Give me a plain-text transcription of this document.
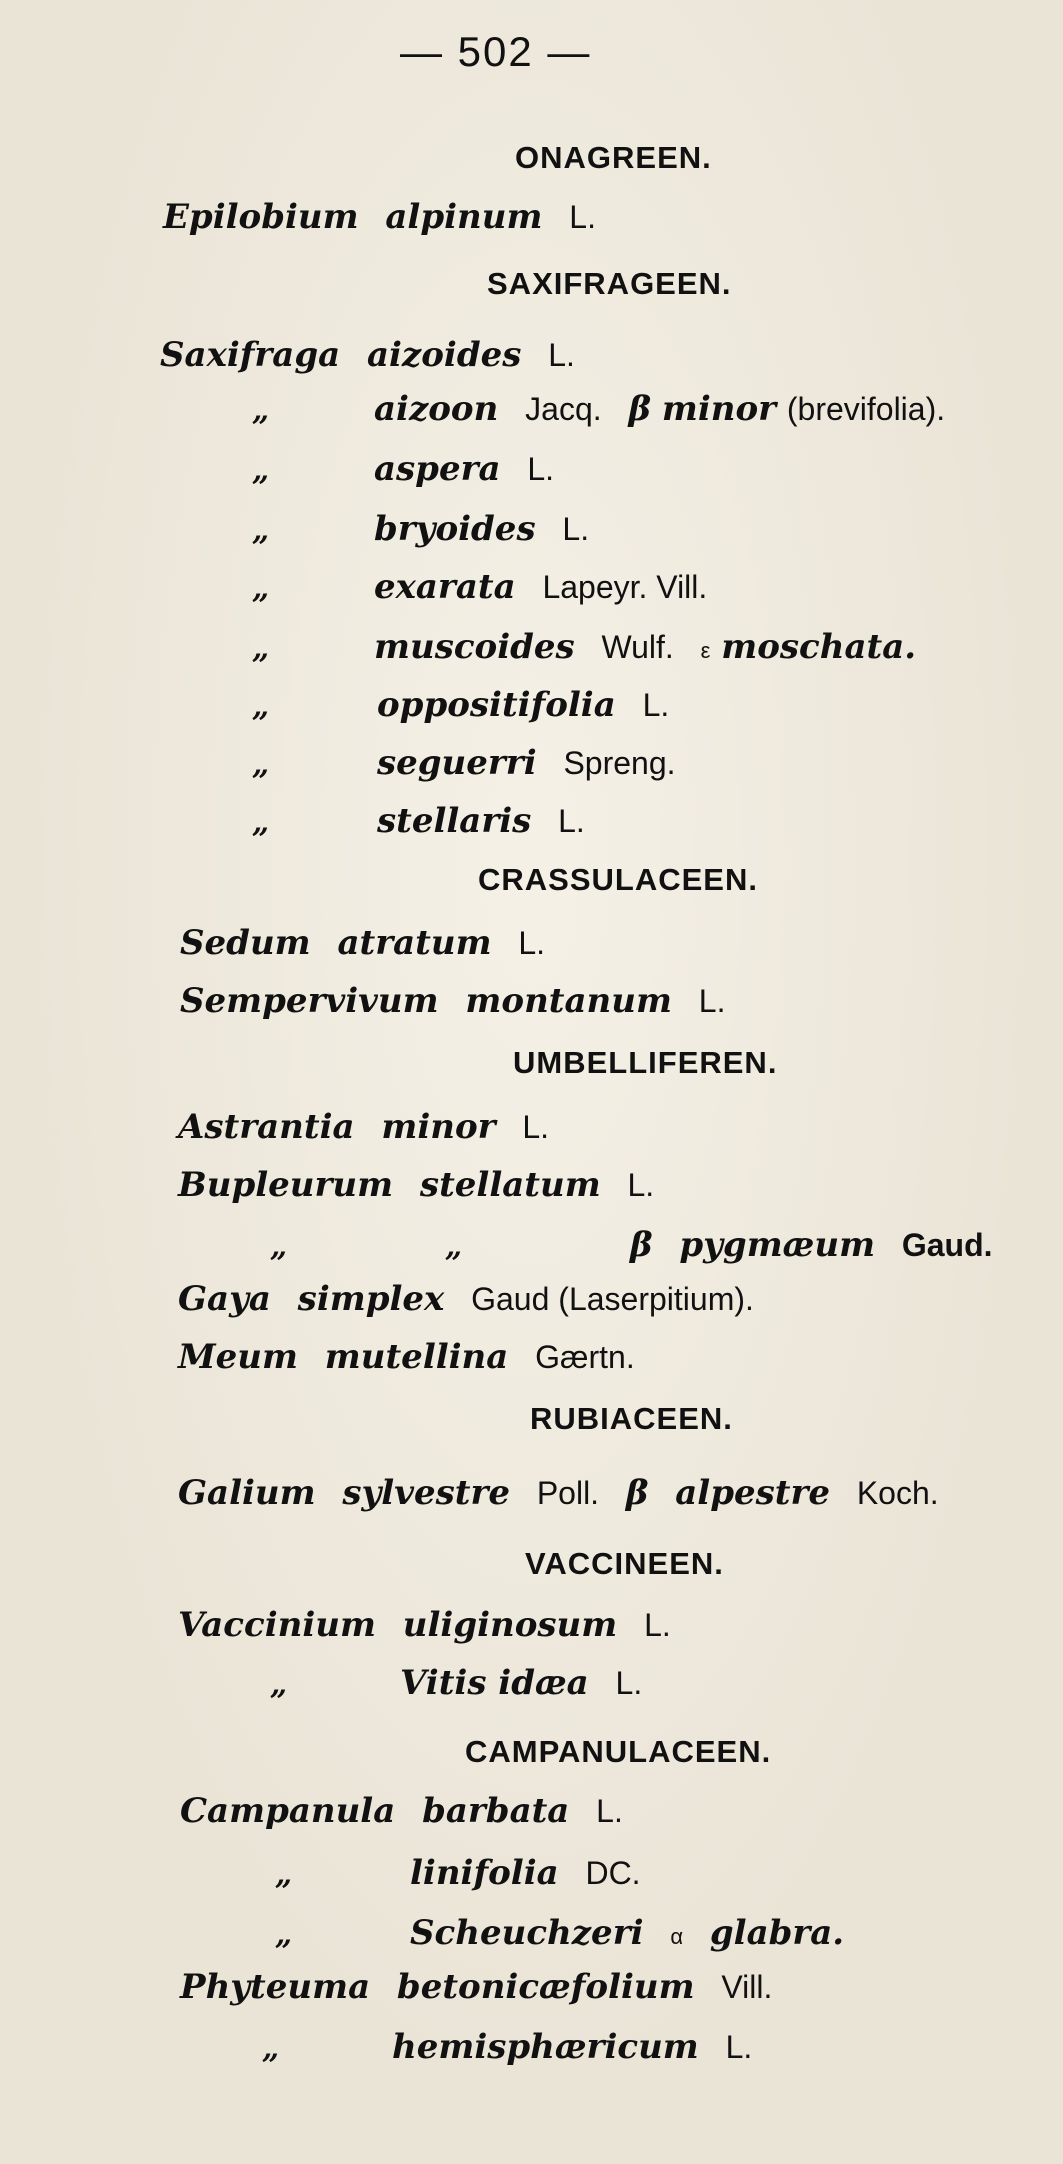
— 502 —
ONAGREEN.
Epilobium alpinum L.
SAXIFRAGEEN.
Saxifraga aizoides L.
„	aizoon Jacq. β minor (brevifolia).
„	aspera L.
„	bryoides L.
„	exarata Lapeyr. Vill.
„	muscoides Wulf. ε moschata.
„	oppositifolia L.
„	seguerri Spreng.
„	stellaris L.
CRASSULACEEN.
Sedum atratum L.
Sempervivum montanum L.
UMBELLIFEREN.
Astrantia minor L.
Bupleurum stellatum L.
„	„	β pygmæum Gaud.
Gaya simplex Gaud (Laserpitium).
Meum mutellina Gærtn.
RUBIACEEN.
Galium sylvestre Poll. β alpestre Koch.
VACCINEEN.
Vaccinium uliginosum L.
„	Vitis idæa L.
CAMPANULACEEN.
Campanula barbata L.
„	linifolia DC.
„	Scheuchzeri α glabra.
Phyteuma betonicæfolium Vill.
„	hemisphæricum L.
